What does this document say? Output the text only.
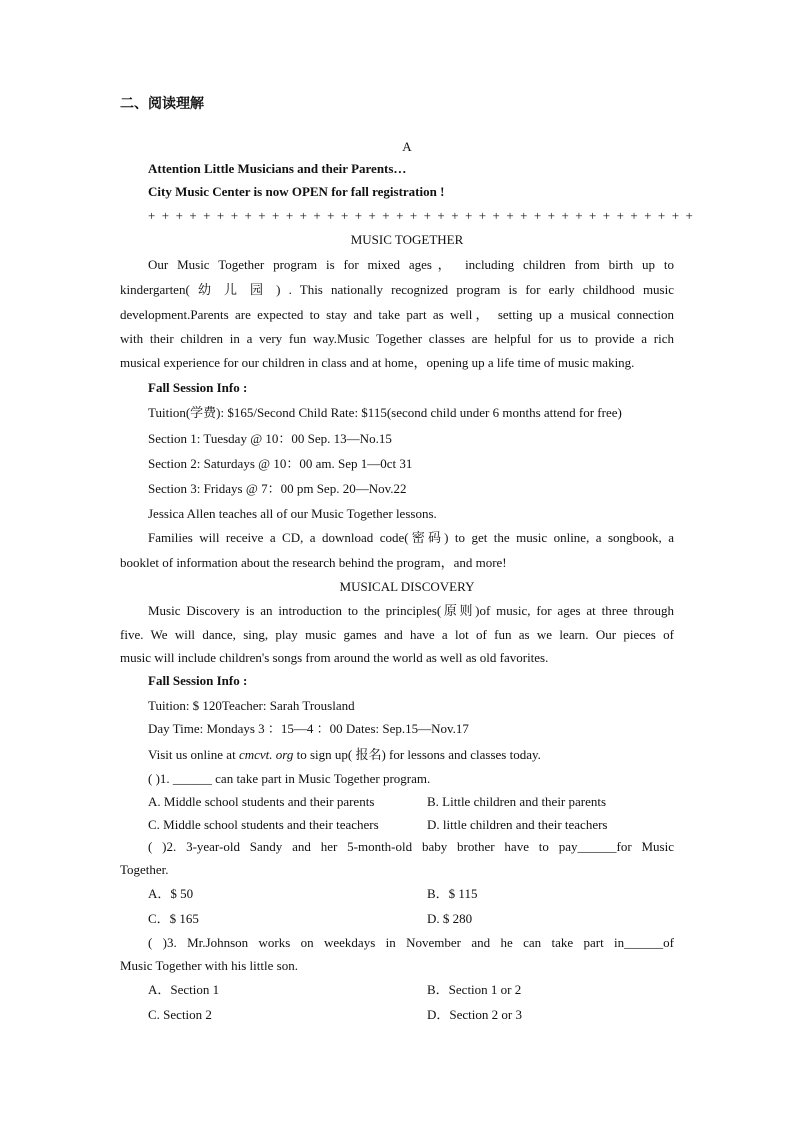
二、阅读理解
A
Attention Little Musicians and their Parents…
City Music Center is now OPEN for fall registration !
+ + + + + + + + + + + + + + + + + + + + + + + + + + + + + + + + + + + + + + + +
MUSIC TOGETHER
Our Music Together program is for mixed ages， including children from birth up to
kindergarten( 幼 儿 园 ) . This nationally recognized program is for early childhood music
development.Parents are expected to stay and take part as well， setting up a musical connection
with their children in a very fun way.Music Together classes are helpful for us to provide a rich
musical experience for our children in class and at home，opening up a life time of music making.
Fall Session Info :
Tuition(学费): $165/Second Child Rate: $115(second child under 6 months attend for free)
Section 1: Tuesday @ 10：00 Sep. 13—No.15
Section 2: Saturdays @ 10：00 am. Sep 1—0ct 31
Section 3: Fridays @ 7：00 pm Sep. 20—Nov.22
Jessica Allen teaches all of our Music Together lessons.
Families will receive a CD, a download code(密码) to get the music online, a songbook, a
booklet of information about the research behind the program，and more!
MUSICAL DISCOVERY
Music Discovery is an introduction to the principles(原则)of music, for ages at three through
five. We will dance, sing, play music games and have a lot of fun as we learn. Our pieces of
music will include children's songs from around the world as well as old favorites.
Fall Session Info :
Tuition: $ 120Teacher: Sarah Trousland
Day Time: Mondays 3 ：15—4 ：00 Dates: Sep.15—Nov.17
Visit us online at cmcvt. org to sign up( 报名) for lessons and classes today.
( )1. ______ can take part in Music Together program.
A. Middle school students and their parents	B. Little children and their parents
C. Middle school students and their teachers	D. little children and their teachers
( )2. 3-year-old Sandy and her 5-month-old baby brother have to pay______for Music
Together.
A．$ 50	B．$ 115
C．$ 165	D. $ 280
( )3. Mr.Johnson works on weekdays in November and he can take part in______of
Music Together with his little son.
A．Section 1	B．Section 1 or 2
C. Section 2	D．Section 2 or 3
